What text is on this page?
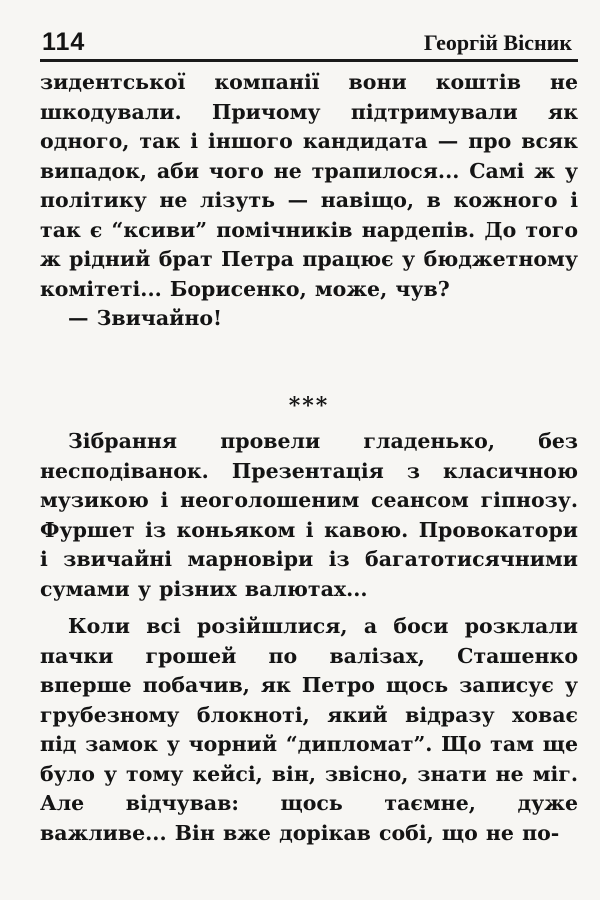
114	Георгій Вісник

зидентської компанії вони коштів не шкодували. Причому підтримували як одного, так і іншого кандидата — про всяк випадок, аби чого не трапилося... Самі ж у політику не лізуть — навіщо, в кожного і так є “ксиви” помічників нардепів. До того ж рідний брат Петра працює у бюджетному комітеті... Борисенко, може, чув?

— Звичайно!

***

Зібрання провели гладенько, без несподіванок. Презентація з класичною музикою і неоголошеним сеансом гіпнозу. Фуршет із коньяком і кавою. Провокатори і звичайні марновіри із багатотисячними сумами у різних валютах...

Коли всі розійшлися, а боси розклали пачки грошей по валізах, Сташенко вперше побачив, як Петро щось записує у грубезному блокноті, який відразу ховає під замок у чорний “дипломат”. Що там ще було у тому кейсі, він, звісно, знати не міг. Але відчував: щось таємне, дуже важливе... Він вже дорікав собі, що не по-
